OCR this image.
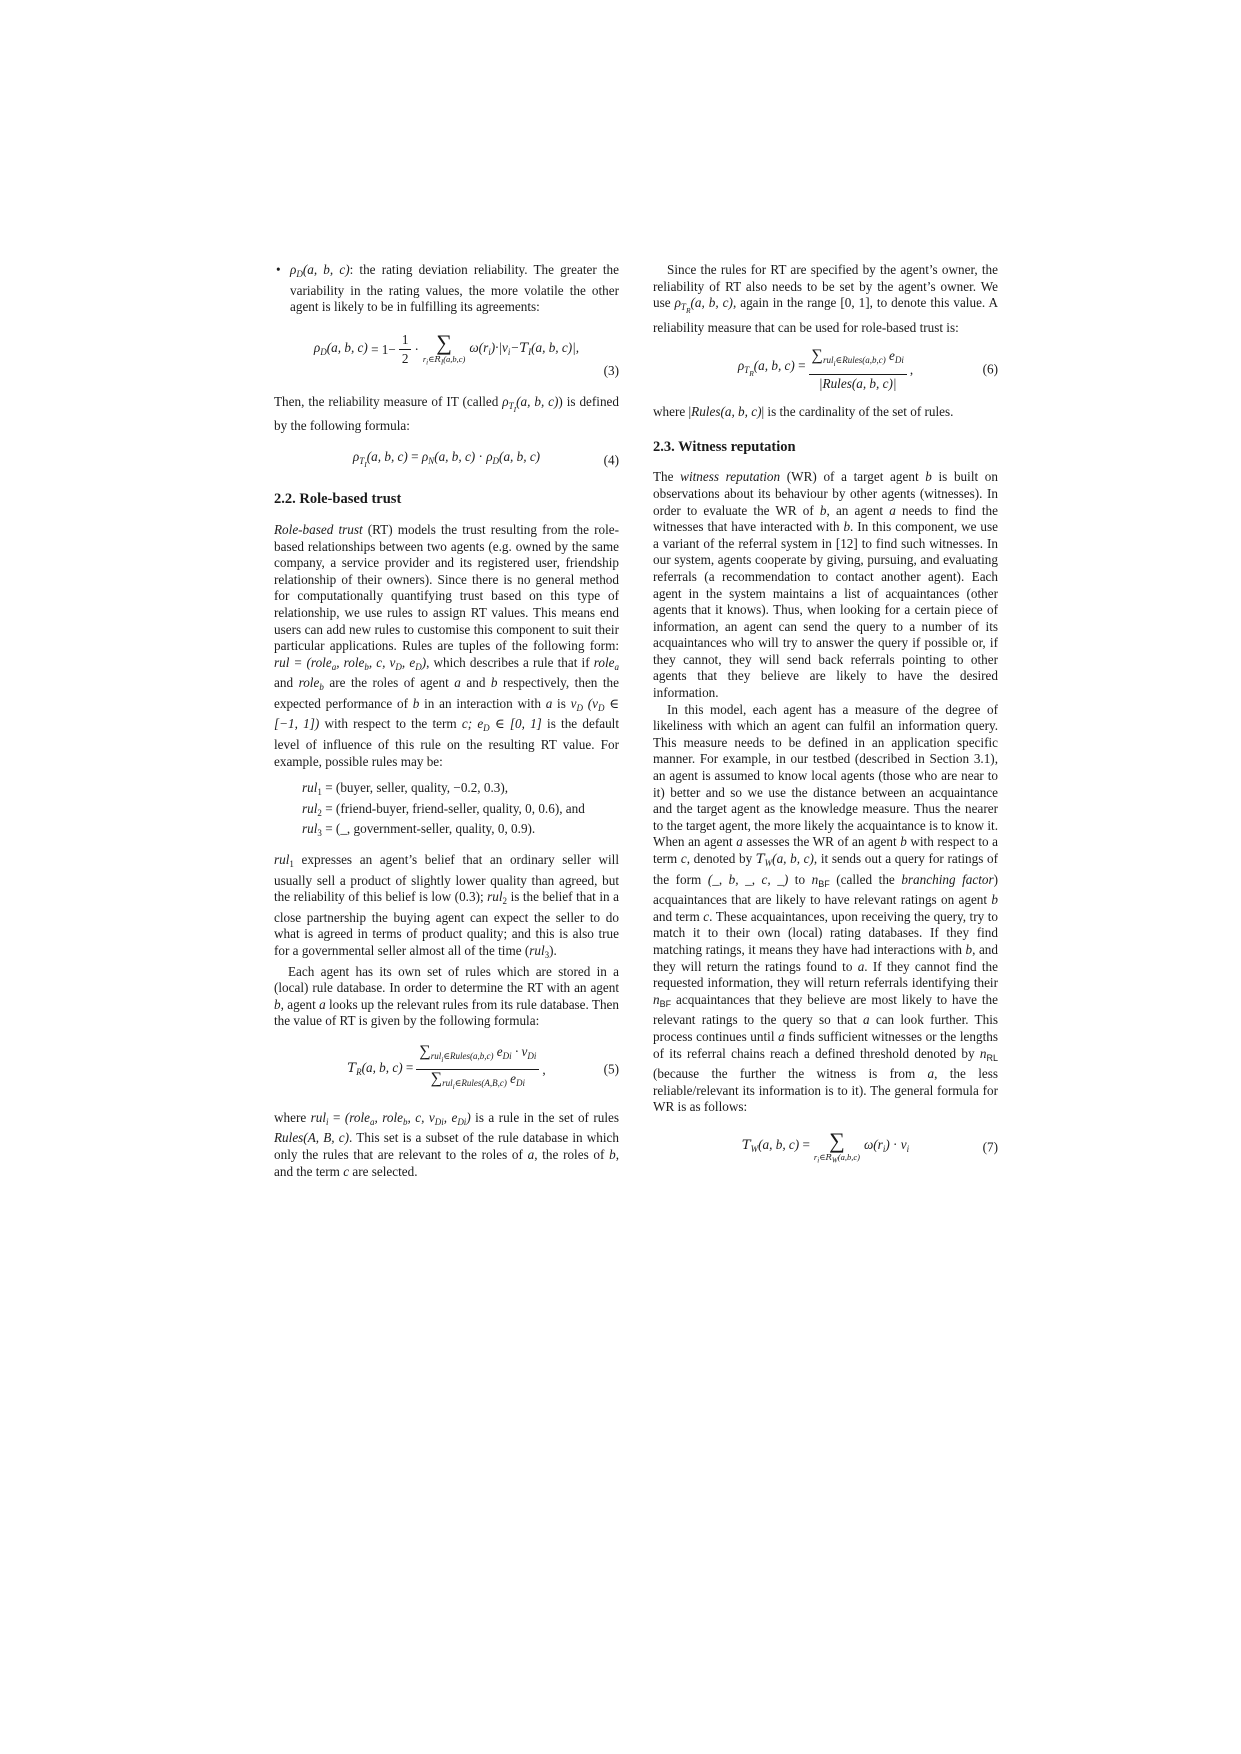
• $\rho_D(a$, b, c): the rating deviation reliability. The greater the variability in the rating values, the more volatile the other agent is likely to be in fulfilling its agreements:
$\rho_D(a$, b, $c) = 1- \frac{1}{2}$ · ∑
$r_i\in R_I(a,b,c)$
$\omega(r_i)\cdot|v_i-T_I(a$, b, c)|,
(3)

Then, the reliability measure of IT (called $\rho_{T_I}(a$, b, c)) is defined by the following formula:

$\rho_{T_I}(a$, b, $c) = \rho_N(a$, b, $c) \cdot \rho_D(a$, b, c)	(4)
2.2. Role-based trust

Role-based trust (RT) models the trust resulting from the role-based relationships between two agents (e.g. owned by the same company, a service provider and its registered user, friendship relationship of their owners). Since there is no general method for computationally quantifying trust based on this type of relationship, we use rules to assign RT values. This means end users can add new rules to customise this component to suit their particular applications. Rules are tuples of the following form: rul = (role$_a$, role$_b$, c, $v_D$, $e_D$), which describes a rule that if role$_a$ and role$_b$ are the roles of agent a and b respectively, then the expected performance of b in an interaction with a is $v_D$ ($v_D$ ∈ [−1, 1]) with respect to the term c; $e_D$ ∈ [0, 1] is the default level of influence of this rule on the resulting RT value. For example, possible rules may be:

rul$_1$ = (buyer, seller, quality, −0.2, 0.3),
rul$_2$ = (friend-buyer, friend-seller, quality, 0, 0.6), and
rul$_3$ = (_, government-seller, quality, 0, 0.9).

rul$_1$ expresses an agent’s belief that an ordinary seller will usually sell a product of slightly lower quality than agreed, but the reliability of this belief is low (0.3); rul$_2$ is the belief that in a close partnership the buying agent can expect the seller to do what is agreed in terms of product quality; and this is also true for a governmental seller almost all of the time (rul$_3$).

Each agent has its own set of rules which are stored in a (local) rule database. In order to determine the RT with an agent b, agent a looks up the relevant rules from its rule database. Then the value of RT is given by the following formula:

$T_R(a$, b, $c) = \frac{\sum_{rul_i\in Rules(a,b,c)} e_{Di} \cdot v_{Di}}{\sum_{rul_i\in Rules(A,B,c)} e_{Di}}$ ,	(5)

where rul$_i$ = (role$_a$, role$_b$, c, $v_{Di}$, $e_{Di}$) is a rule in the set of rules Rules(A, B, c). This set is a subset of the rule database in which only the rules that are relevant to the roles of a, the roles of b, and the term c are selected.

Since the rules for RT are specified by the agent’s owner, the reliability of RT also needs to be set by the agent’s owner. We use $\rho_{T_R}(a$, b, c), again in the range [0, 1], to denote this value. A reliability measure that can be used for role-based trust is:

$\rho_{T_R}(a$, b, $c) = \frac{\sum_{rul_i\in Rules(a,b,c)} e_{Di}}{\text{|Rules(a, b, c)|}}$ ,	(6)

where |Rules(a, b, c)| is the cardinality of the set of rules.

2.3. Witness reputation

The witness reputation (WR) of a target agent b is built on observations about its behaviour by other agents (witnesses). In order to evaluate the WR of b, an agent a needs to find the witnesses that have interacted with b. In this component, we use a variant of the referral system in [12] to find such witnesses. In our system, agents cooperate by giving, pursuing, and evaluating referrals (a recommendation to contact another agent). Each agent in the system maintains a list of acquaintances (other agents that it knows). Thus, when looking for a certain piece of information, an agent can send the query to a number of its acquaintances who will try to answer the query if possible or, if they cannot, they will send back referrals pointing to other agents that they believe are likely to have the desired information.

In this model, each agent has a measure of the degree of likeliness with which an agent can fulfil an information query. This measure needs to be defined in an application specific manner. For example, in our testbed (described in Section 3.1), an agent is assumed to know local agents (those who are near to it) better and so we use the distance between an acquaintance and the target agent as the knowledge measure. Thus the nearer to the target agent, the more likely the acquaintance is to know it. When an agent a assesses the WR of an agent b with respect to a term c, denoted by $T_W(a$, b, c), it sends out a query for ratings of the form (_, b, _, c, _) to $n_{BF}$ (called the branching factor) acquaintances that are likely to have relevant ratings on agent b and term c. These acquaintances, upon receiving the query, try to match it to their own (local) rating databases. If they find matching ratings, it means they have had interactions with b, and they will return the ratings found to a. If they cannot find the requested information, they will return referrals identifying their $n_{BF}$ acquaintances that they believe are most likely to have the relevant ratings to the query so that a can look further. This process continues until a finds sufficient witnesses or the lengths of its referral chains reach a defined threshold denoted by $n_{RL}$ (because the further the witness is from a, the less reliable/relevant its information is to it). The general formula for WR is as follows:

$T_W(a$, b, c) = ∑
$r_i\in R_W(a,b,c)$
$\omega(r_i) \cdot v_i$	(7)
